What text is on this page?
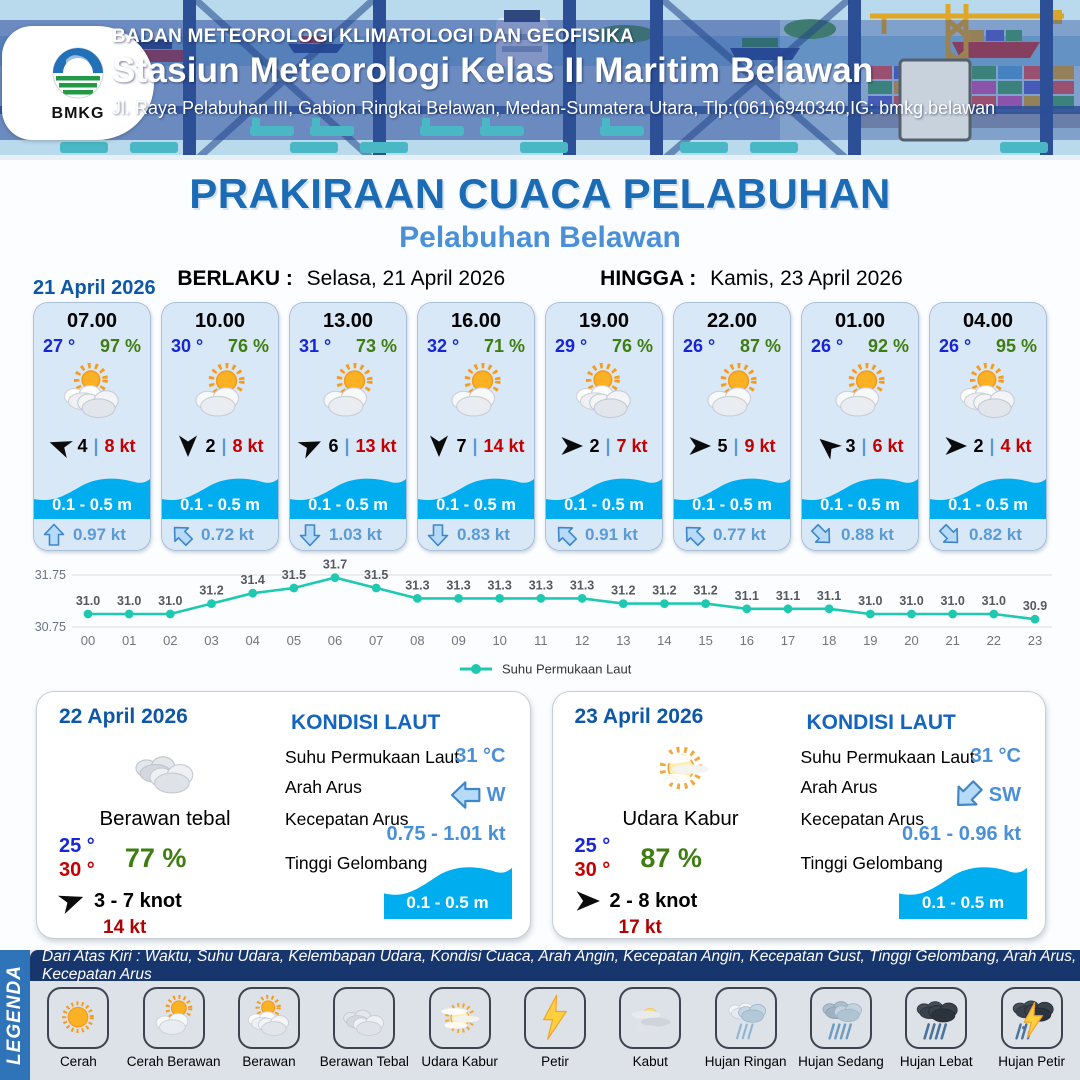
BMKG
BADAN METEOROLOGI KLIMATOLOGI DAN GEOFISIKA
Stasiun Meteorologi Kelas II Maritim Belawan
Jl. Raya Pelabuhan III, Gabion Ringkai Belawan, Medan-Sumatera Utara, Tlp:(061)6940340,IG: bmkg.belawan
PRAKIRAAN CUACA PELABUHAN
Pelabuhan Belawan
BERLAKU : Selasa, 21 April 2026	HINGGA : Kamis, 23 April 2026
21 April 2026
07.00
27 ° 97 %
4 | 8 kt
0.1 - 0.5 m
0.97 kt
10.00
30 ° 76 %
2 | 8 kt
0.1 - 0.5 m
0.72 kt
13.00
31 ° 73 %
6 | 13 kt
0.1 - 0.5 m
1.03 kt
16.00
32 ° 71 %
7 | 14 kt
0.1 - 0.5 m
0.83 kt
19.00
29 ° 76 %
2 | 7 kt
0.1 - 0.5 m
0.91 kt
22.00
26 ° 87 %
5 | 9 kt
0.1 - 0.5 m
0.77 kt
01.00
26 ° 92 %
3 | 6 kt
0.1 - 0.5 m
0.88 kt
04.00
26 ° 95 %
2 | 4 kt
0.1 - 0.5 m
0.82 kt
31.75
30.75
31.0
00
31.0
01
31.0
02
31.2
03
31.4
04
31.5
05
31.7
06
31.5
07
31.3
08
31.3
09
31.3
10
31.3
11
31.3
12
31.2
13
31.2
14
31.2
15
31.1
16
31.1
17
31.1
18
31.0
19
31.0
20
31.0
21
31.0
22
30.9
23
Suhu Permukaan Laut
22 April 2026
Berawan tebal
25 °
30 ° 77 %
3 - 7 knot
14 kt
KONDISI LAUT
Suhu Permukaan Laut
Arah Arus
Kecepatan Arus
Tinggi Gelombang
31 °C
W
0.75 - 1.01 kt
0.1 - 0.5 m
23 April 2026
Udara Kabur
25 °
30 ° 87 %
2 - 8 knot
17 kt
KONDISI LAUT
Suhu Permukaan Laut
Arah Arus
Kecepatan Arus
Tinggi Gelombang
31 °C
SW
0.61 - 0.96 kt
0.1 - 0.5 m
LEGENDA
Dari Atas Kiri : Waktu, Suhu Udara, Kelembapan Udara, Kondisi Cuaca, Arah Angin, Kecepatan Angin, Kecepatan Gust, Tinggi Gelombang, Arah Arus, Kecepatan Arus
Cerah Cerah Berawan Berawan Berawan Tebal Udara Kabur	Petir	Kabut	Hujan Ringan Hujan Sedang Hujan Lebat Hujan Petir
